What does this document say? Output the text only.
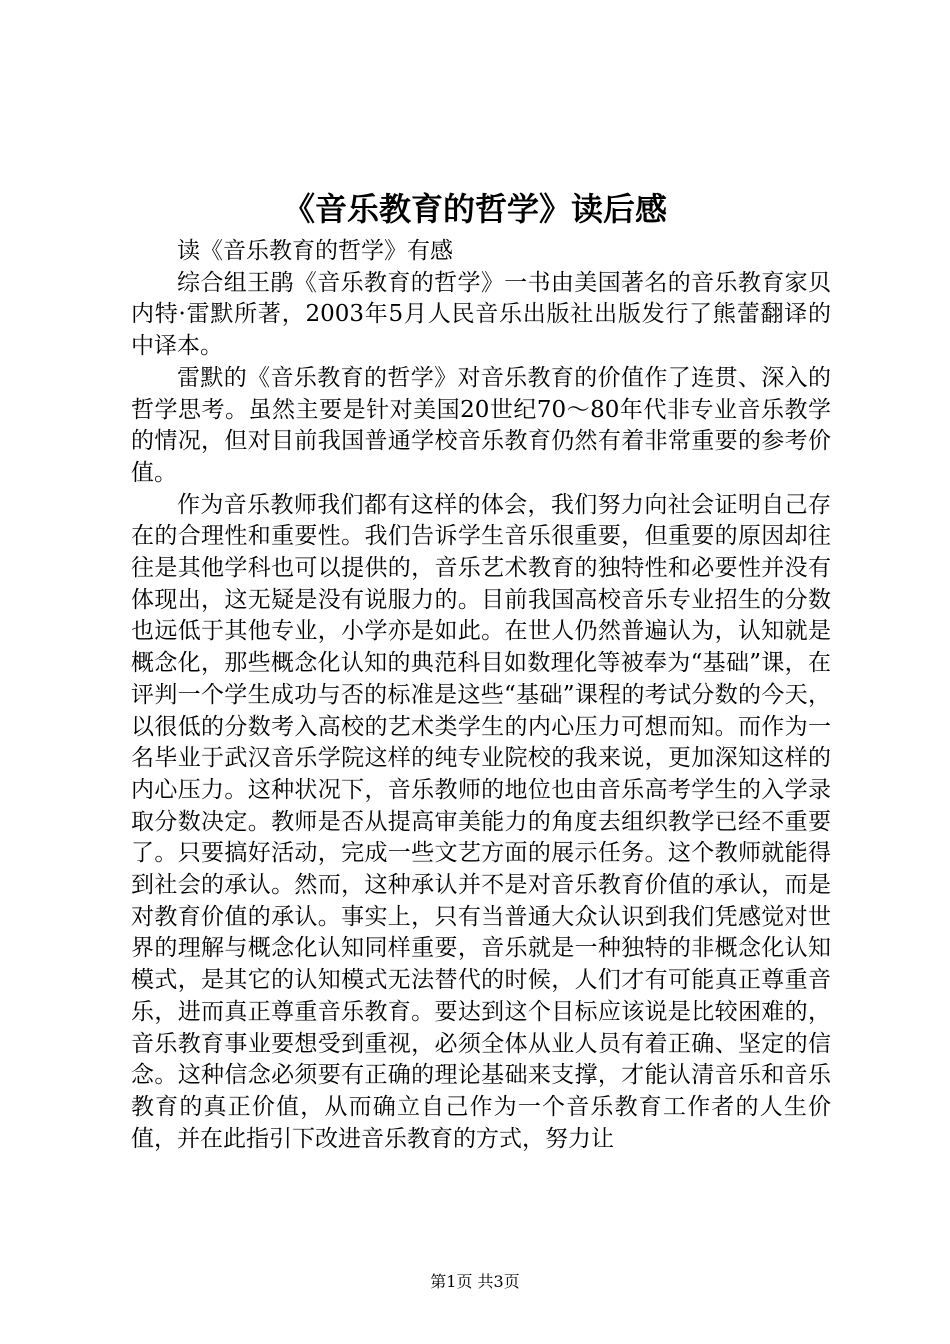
《音乐教育的哲学》读后感

读《音乐教育的哲学》有感

综合组王鹃《音乐教育的哲学》一书由美国著名的音乐教育家贝内特·雷默所著，2003年5月人民音乐出版社出版发行了熊蕾翻译的中译本。

雷默的《音乐教育的哲学》对音乐教育的价值作了连贯、深入的哲学思考。虽然主要是针对美国20世纪70～80年代非专业音乐教学的情况，但对目前我国普通学校音乐教育仍然有着非常重要的参考价值。

作为音乐教师我们都有这样的体会，我们努力向社会证明自己存在的合理性和重要性。我们告诉学生音乐很重要，但重要的原因却往往是其他学科也可以提供的，音乐艺术教育的独特性和必要性并没有体现出，这无疑是没有说服力的。目前我国高校音乐专业招生的分数也远低于其他专业，小学亦是如此。在世人仍然普遍认为，认知就是概念化，那些概念化认知的典范科目如数理化等被奉为“基础”课，在评判一个学生成功与否的标准是这些“基础”课程的考试分数的今天，以很低的分数考入高校的艺术类学生的内心压力可想而知。而作为一名毕业于武汉音乐学院这样的纯专业院校的我来说，更加深知这样的内心压力。这种状况下，音乐教师的地位也由音乐高考学生的入学录取分数决定。教师是否从提高审美能力的角度去组织教学已经不重要了。只要搞好活动，完成一些文艺方面的展示任务。这个教师就能得到社会的承认。然而，这种承认并不是对音乐教育价值的承认，而是对教育价值的承认。事实上，只有当普通大众认识到我们凭感觉对世界的理解与概念化认知同样重要，音乐就是一种独特的非概念化认知模式，是其它的认知模式无法替代的时候，人们才有可能真正尊重音乐，进而真正尊重音乐教育。要达到这个目标应该说是比较困难的，音乐教育事业要想受到重视，必须全体从业人员有着正确、坚定的信念。这种信念必须要有正确的理论基础来支撑，才能认清音乐和音乐教育的真正价值，从而确立自己作为一个音乐教育工作者的人生价值，并在此指引下改进音乐教育的方式，努力让

第1页 共3页
